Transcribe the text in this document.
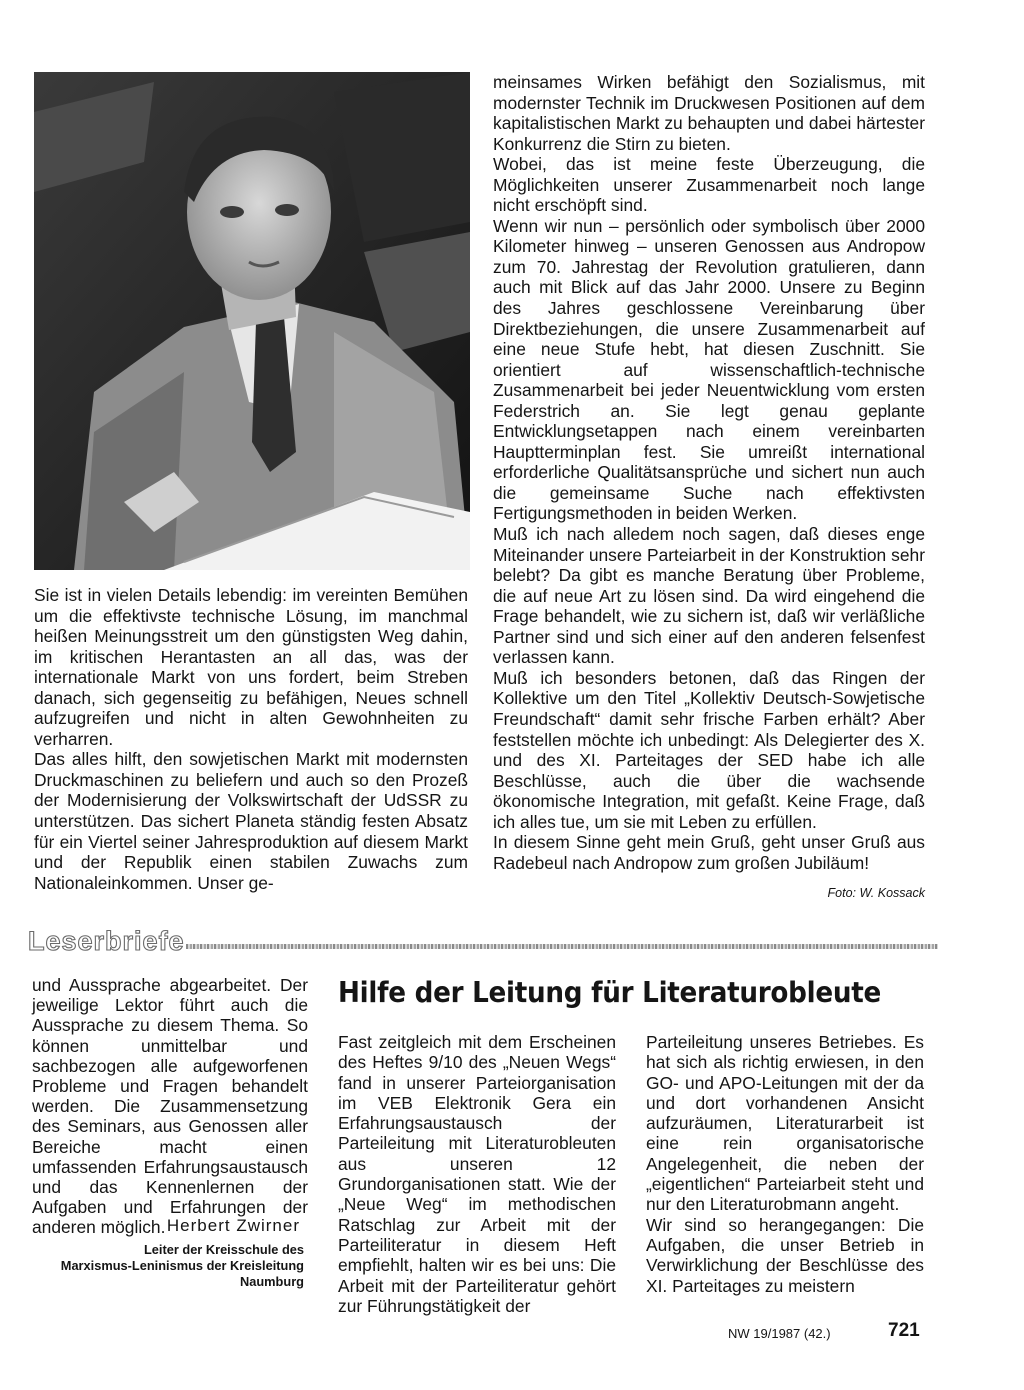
Sie ist in vielen Details lebendig: im vereinten Bemühen um die effektivste technische Lösung, im manchmal heißen Meinungsstreit um den günstigsten Weg dahin, im kritischen Herantasten an all das, was der internationale Markt von uns fordert, beim Streben danach, sich gegenseitig zu befähigen, Neues schnell aufzugreifen und nicht in alten Gewohnheiten zu verharren.

Das alles hilft, den sowjetischen Markt mit modernsten Druckmaschinen zu beliefern und auch so den Prozeß der Modernisierung der Volkswirtschaft der UdSSR zu unterstützen. Das sichert Planeta ständig festen Absatz für ein Viertel seiner Jahresproduktion auf diesem Markt und der Republik einen stabilen Zuwachs zum Nationaleinkommen. Unser ge-

meinsames Wirken befähigt den Sozialismus, mit modernster Technik im Druckwesen Positionen auf dem kapitalistischen Markt zu behaupten und dabei härtester Konkurrenz die Stirn zu bieten.

Wobei, das ist meine feste Überzeugung, die Möglichkeiten unserer Zusammenarbeit noch lange nicht erschöpft sind.

Wenn wir nun – persönlich oder symbolisch über 2000 Kilometer hinweg – unseren Genossen aus Andropow zum 70. Jahrestag der Revolution gratulieren, dann auch mit Blick auf das Jahr 2000. Unsere zu Beginn des Jahres geschlossene Vereinbarung über Direktbeziehungen, die unsere Zusammenarbeit auf eine neue Stufe hebt, hat diesen Zuschnitt. Sie orientiert auf wissenschaftlich-technische Zusammenarbeit bei jeder Neuentwicklung vom ersten Federstrich an. Sie legt genau geplante Entwicklungsetappen nach einem vereinbarten Hauptterminplan fest. Sie umreißt international erforderliche Qualitätsansprüche und sichert nun auch die gemeinsame Suche nach effektivsten Fertigungsmethoden in beiden Werken.

Muß ich nach alledem noch sagen, daß dieses enge Miteinander unsere Parteiarbeit in der Konstruktion sehr belebt? Da gibt es manche Beratung über Probleme, die auf neue Art zu lösen sind. Da wird eingehend die Frage behandelt, wie zu sichern ist, daß wir verläßliche Partner sind und sich einer auf den anderen felsenfest verlassen kann.

Muß ich besonders betonen, daß das Ringen der Kollektive um den Titel „Kollektiv Deutsch-Sowjetische Freundschaft“ damit sehr frische Farben erhält? Aber feststellen möchte ich unbedingt: Als Delegierter des X. und des XI. Parteitages der SED habe ich alle Beschlüsse, auch die über die wachsende ökonomische Integration, mit gefaßt. Keine Frage, daß ich alles tue, um sie mit Leben zu erfüllen.

In diesem Sinne geht mein Gruß, geht unser Gruß aus Radebeul nach Andropow zum großen Jubiläum!

Foto: W. Kossack
Leserbriefe

und Aussprache abgearbeitet. Der jeweilige Lektor führt auch die Aussprache zu diesem Thema. So können unmittelbar und sachbezogen alle aufgeworfenen Probleme und Fragen behandelt werden. Die Zusammensetzung des Seminars, aus Genossen aller Bereiche macht einen umfassenden Erfahrungsaustausch und das Kennenlernen der Aufgaben und Erfahrungen der anderen möglich. Herbert Zwirner
Leiter der Kreisschule des
Marxismus-Leninismus der Kreisleitung
Naumburg
Hilfe der Leitung für Literaturobleute

Fast zeitgleich mit dem Erscheinen des Heftes 9/10 des „Neuen Wegs“ fand in unserer Parteiorganisation im VEB Elektronik Gera ein Erfahrungsaustausch der Parteileitung mit Literaturobleuten aus unseren 12 Grundorganisationen statt. Wie der „Neue Weg“ im methodischen Ratschlag zur Arbeit mit der Parteiliteratur in diesem Heft empfiehlt, halten wir es bei uns: Die Arbeit mit der Parteiliteratur gehört zur Führungstätigkeit der

Parteileitung unseres Betriebes. Es hat sich als richtig erwiesen, in den GO- und APO-Leitungen mit der da und dort vorhandenen Ansicht aufzuräumen, Literaturarbeit ist eine rein organisatorische Angelegenheit, die neben der „eigentlichen“ Parteiarbeit steht und nur den Literaturobmann angeht.

Wir sind so herangegangen: Die Aufgaben, die unser Betrieb in Verwirklichung der Beschlüsse des XI. Parteitages zu meistern

NW 19/1987 (42.)	721
